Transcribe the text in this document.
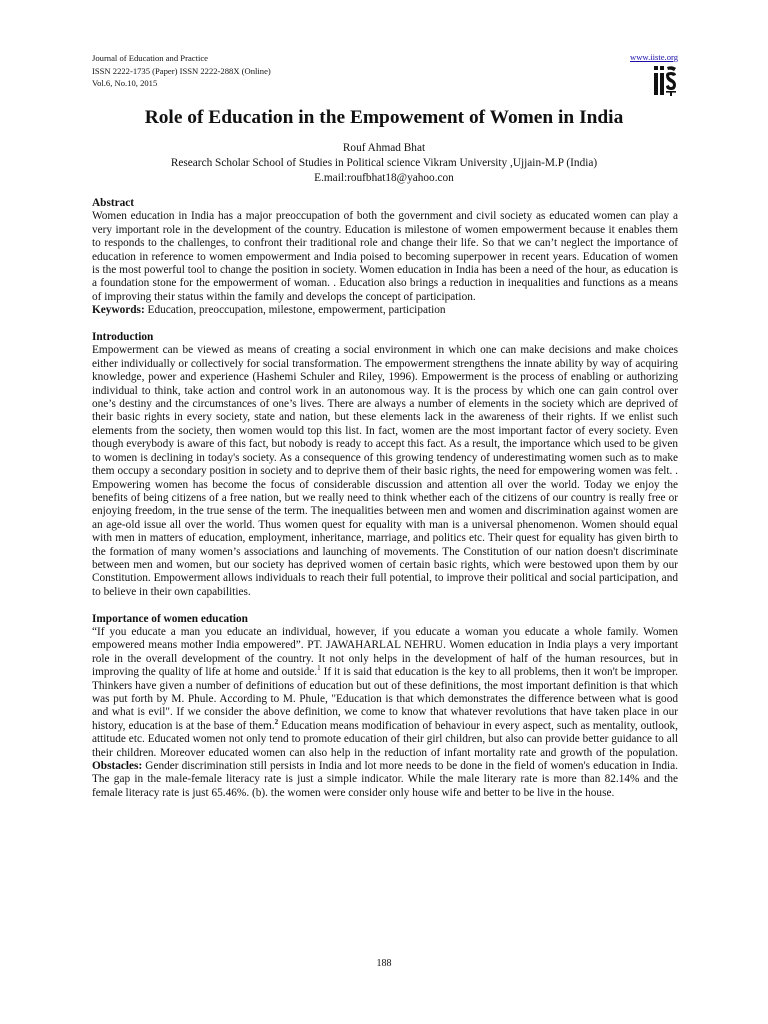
Journal of Education and Practice
ISSN 2222-1735 (Paper) ISSN 2222-288X (Online)
Vol.6, No.10, 2015
www.iiste.org
Role of Education in the Empowement of Women in India
Rouf Ahmad Bhat
Research Scholar School of Studies in Political science Vikram University ,Ujjain-M.P (India)
E.mail:roufbhat18@yahoo.con
Abstract

Women education in India has a major preoccupation of both the government and civil society as educated women can play a very important role in the development of the country. Education is milestone of women empowerment because it enables them to responds to the challenges, to confront their traditional role and change their life. So that we can’t neglect the importance of education in reference to women empowerment and India poised to becoming superpower in recent years. Education of women is the most powerful tool to change the position in society. Women education in India has been a need of the hour, as education is a foundation stone for the empowerment of woman. . Education also brings a reduction in inequalities and functions as a means of improving their status within the family and develops the concept of participation.

Keywords: Education, preoccupation, milestone, empowerment, participation

Introduction

Empowerment can be viewed as means of creating a social environment in which one can make decisions and make choices either individually or collectively for social transformation. The empowerment strengthens the innate ability by way of acquiring knowledge, power and experience (Hashemi Schuler and Riley, 1996). Empowerment is the process of enabling or authorizing individual to think, take action and control work in an autonomous way. It is the process by which one can gain control over one’s destiny and the circumstances of one’s lives. There are always a number of elements in the society which are deprived of their basic rights in every society, state and nation, but these elements lack in the awareness of their rights. If we enlist such elements from the society, then women would top this list. In fact, women are the most important factor of every society. Even though everybody is aware of this fact, but nobody is ready to accept this fact. As a result, the importance which used to be given to women is declining in today's society. As a consequence of this growing tendency of underestimating women such as to make them occupy a secondary position in society and to deprive them of their basic rights, the need for empowering women was felt. . Empowering women has become the focus of considerable discussion and attention all over the world. Today we enjoy the benefits of being citizens of a free nation, but we really need to think whether each of the citizens of our country is really free or enjoying freedom, in the true sense of the term. The inequalities between men and women and discrimination against women are an age-old issue all over the world. Thus women quest for equality with man is a universal phenomenon. Women should equal with men in matters of education, employment, inheritance, marriage, and politics etc. Their quest for equality has given birth to the formation of many women’s associations and launching of movements. The Constitution of our nation doesn't discriminate between men and women, but our society has deprived women of certain basic rights, which were bestowed upon them by our Constitution. Empowerment allows individuals to reach their full potential, to improve their political and social participation, and to believe in their own capabilities.

Importance of women education

“If you educate a man you educate an individual, however, if you educate a woman you educate a whole family. Women empowered means mother India empowered”. PT. JAWAHARLAL NEHRU. Women education in India plays a very important role in the overall development of the country. It not only helps in the development of half of the human resources, but in improving the quality of life at home and outside.$^1$ If it is said that education is the key to all problems, then it won't be improper. Thinkers have given a number of definitions of education but out of these definitions, the most important definition is that which was put forth by M. Phule. According to M. Phule, "Education is that which demonstrates the difference between what is good and what is evil". If we consider the above definition, we come to know that whatever revolutions that have taken place in our history, education is at the base of them.$^2$ Education means modification of behaviour in every aspect, such as mentality, outlook, attitude etc. Educated women not only tend to promote education of their girl children, but also can provide better guidance to all their children. Moreover educated women can also help in the reduction of infant mortality rate and growth of the population. Obstacles: Gender discrimination still persists in India and lot more needs to be done in the field of women's education in India. The gap in the male-female literacy rate is just a simple indicator. While the male literary rate is more than 82.14% and the female literacy rate is just 65.46%. (b). the women were consider only house wife and better to be live in the house.

188
